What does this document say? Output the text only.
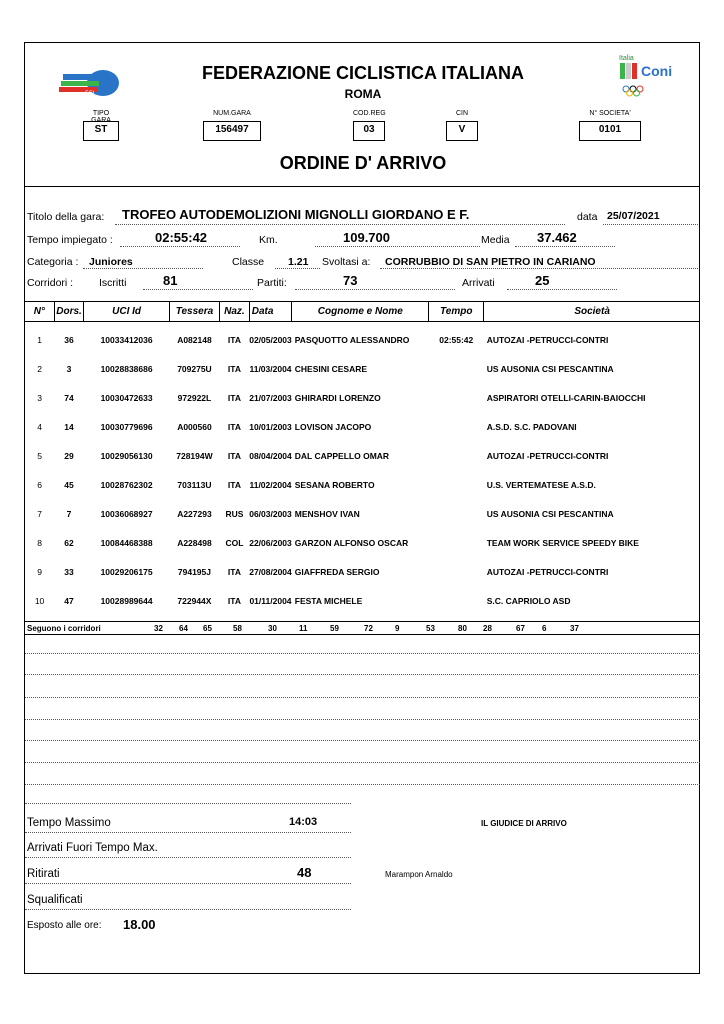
FCI
FEDERAZIONE CICLISTICA ITALIANA
ROMA
Italia
Coni
TIPO GARA
ST
NUM.GARA
156497
COD.REG
03
CIN
V
N° SOCIETA'
0101
ORDINE D' ARRIVO
Titolo della gara: TROFEO AUTODEMOLIZIONI MIGNOLLI GIORDANO E F.	data 25/07/2021
Tempo impiegato :	02:55:42	Km.	109.700	Media 37.462
Categoria : Juniores	Classe 1.21 Svoltasi a: CORRUBBIO DI SAN PIETRO IN CARIANO
Corridori : Iscritti	81	Partiti:	73	Arrivati	25
N°	Dors.	UCI Id	Tessera	Naz.	Data	Cognome e Nome	Tempo	Società
1	36	10033412036	A082148	ITA	02/05/2003	PASQUOTTO ALESSANDRO	02:55:42	AUTOZAI -PETRUCCI-CONTRI
2	3	10028838686	709275U	ITA	11/03/2004	CHESINI CESARE		US AUSONIA CSI PESCANTINA
3	74	10030472633	972922L	ITA	21/07/2003	GHIRARDI LORENZO		ASPIRATORI OTELLI-CARIN-BAIOCCHI
4	14	10030779696	A000560	ITA	10/01/2003	LOVISON JACOPO		A.S.D. S.C. PADOVANI
5	29	10029056130	728194W	ITA	08/04/2004	DAL CAPPELLO OMAR		AUTOZAI -PETRUCCI-CONTRI
6	45	10028762302	703113U	ITA	11/02/2004	SESANA ROBERTO		U.S. VERTEMATESE A.S.D.
7	7	10036068927	A227293	RUS	06/03/2003	MENSHOV IVAN		US AUSONIA CSI PESCANTINA
8	62	10084468388	A228498	COL	22/06/2003	GARZON ALFONSO OSCAR		TEAM WORK SERVICE SPEEDY BIKE
9	33	10029206175	794195J	ITA	27/08/2004	GIAFFREDA SERGIO		AUTOZAI -PETRUCCI-CONTRI
10	47	10028989644	722944X	ITA	01/11/2004	FESTA MICHELE		S.C. CAPRIOLO ASD
Seguono i corridori	32 64 65	58	30	11	59	72	9	53	80 28	67 6	37
Tempo Massimo	14:03	IL GIUDICE DI ARRIVO
Arrivati Fuori Tempo Max.
Ritirati	48	Marampon Arnaldo
Squalificati
Esposto alle ore: 18.00
